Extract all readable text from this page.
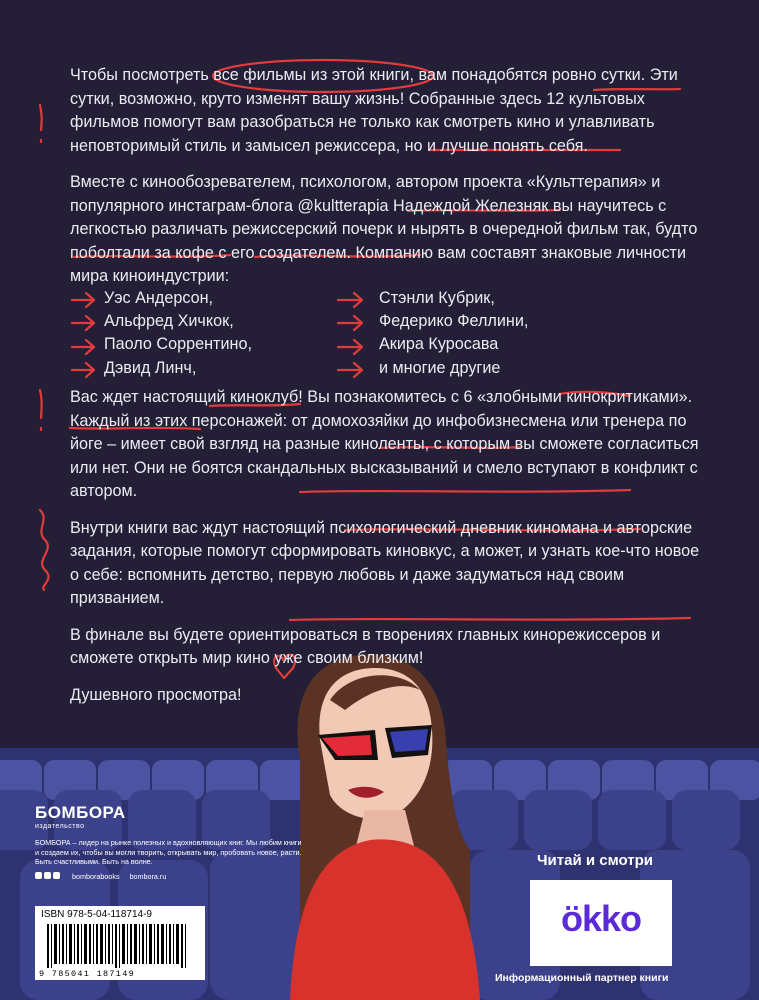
Чтобы посмотреть все фильмы из этой книги, вам понадобятся ровно сутки. Эти сутки, возможно, круто изменят вашу жизнь! Собранные здесь 12 культовых фильмов помогут вам разобраться не только как смотреть кино и улавливать неповторимый стиль и замысел режиссера, но и лучше понять себя.

Вместе с кинообозревателем, психологом, автором проекта «Культтерапия» и популярного инстаграм-блога @kultterapia Надеждой Железняк вы научитесь с легкостью различать режиссерский почерк и нырять в очередной фильм так, будто поболтали за кофе с его создателем. Компанию вам составят знаковые личности мира киноиндустрии:

Уэс Андерсон,
Альфред Хичкок,
Паоло Соррентино,
Дэвид Линч,
Стэнли Кубрик,
Федерико Феллини,
Акира Куросава
и многие другие

Вас ждет настоящий киноклуб! Вы познакомитесь с 6 «злобными кинокритиками». Каждый из этих персонажей: от домохозяйки до инфобизнесмена или тренера по йоге – имеет свой взгляд на разные киноленты, с которым вы сможете согласиться или нет. Они не боятся скандальных высказываний и смело вступают в конфликт с автором.

Внутри книги вас ждут настоящий психологический дневник киномана и авторские задания, которые помогут сформировать киновкус, а может, и узнать кое-что новое о себе: вспомнить детство, первую любовь и даже задуматься над своим призванием.

В финале вы будете ориентироваться в творениях главных кинорежиссеров и сможете открыть мир кино уже своим близким!

Душевного просмотра!

БОМБОРА
издательство
БОМБОРА – лидер на рынке полезных и вдохновляющих книг. Мы любим книги и создаем их, чтобы вы могли творить, открывать мир, пробовать новое, расти. Быть счастливыми. Быть на волне.
bomborabooks bombora.ru
ISBN 978-5-04-118714-9
9 785041 187149
Читай и смотри
ökko
Информационный партнер книги
